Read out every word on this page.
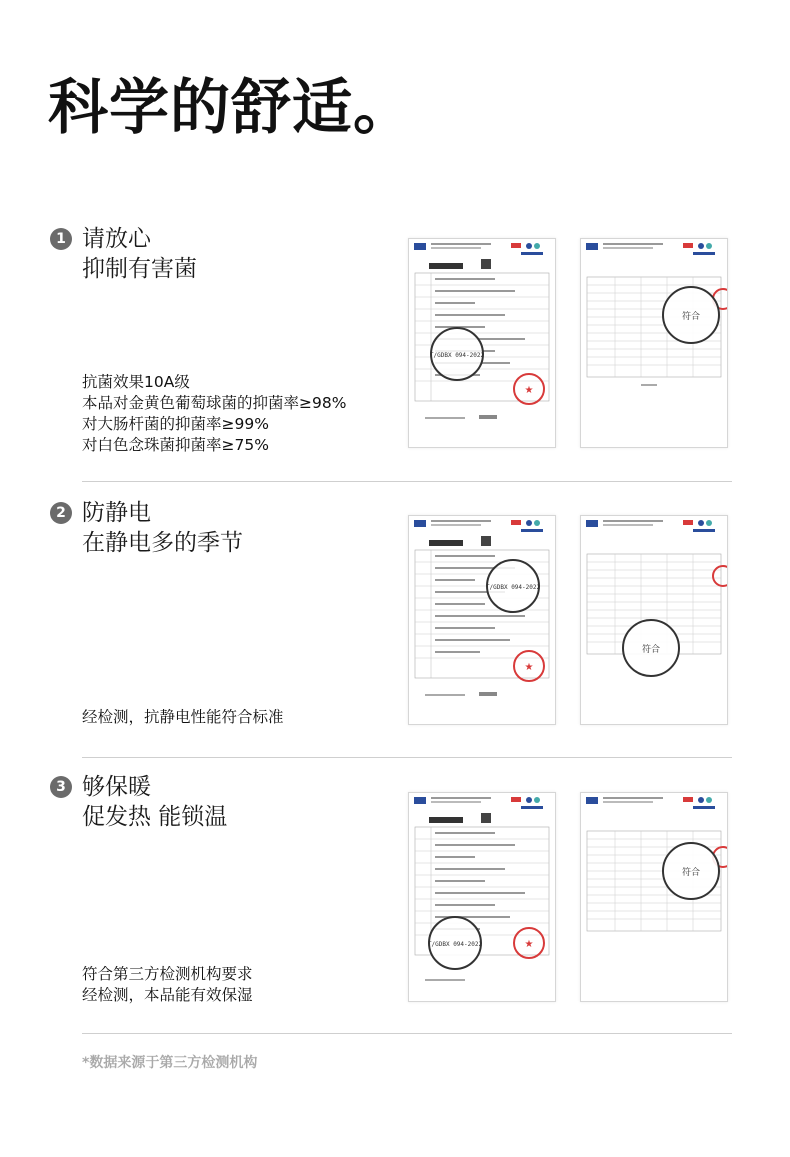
科学的舒适。
1 请放心
抑制有害菌
抗菌效果10A级
本品对金黄色葡萄球菌的抑菌率≥98%
对大肠杆菌的抑菌率≥99%
对白色念珠菌抑菌率≥75%
★
T/GDBX 094-2022
符合
2 防静电
在静电多的季节
经检测，抗静电性能符合标准
★
T/GDBX 094-2022
符合
3 够保暖
促发热 能锁温
符合第三方检测机构要求
经检测，本品能有效保湿
★
T/GDBX 094-2022
符合
*数据来源于第三方检测机构
